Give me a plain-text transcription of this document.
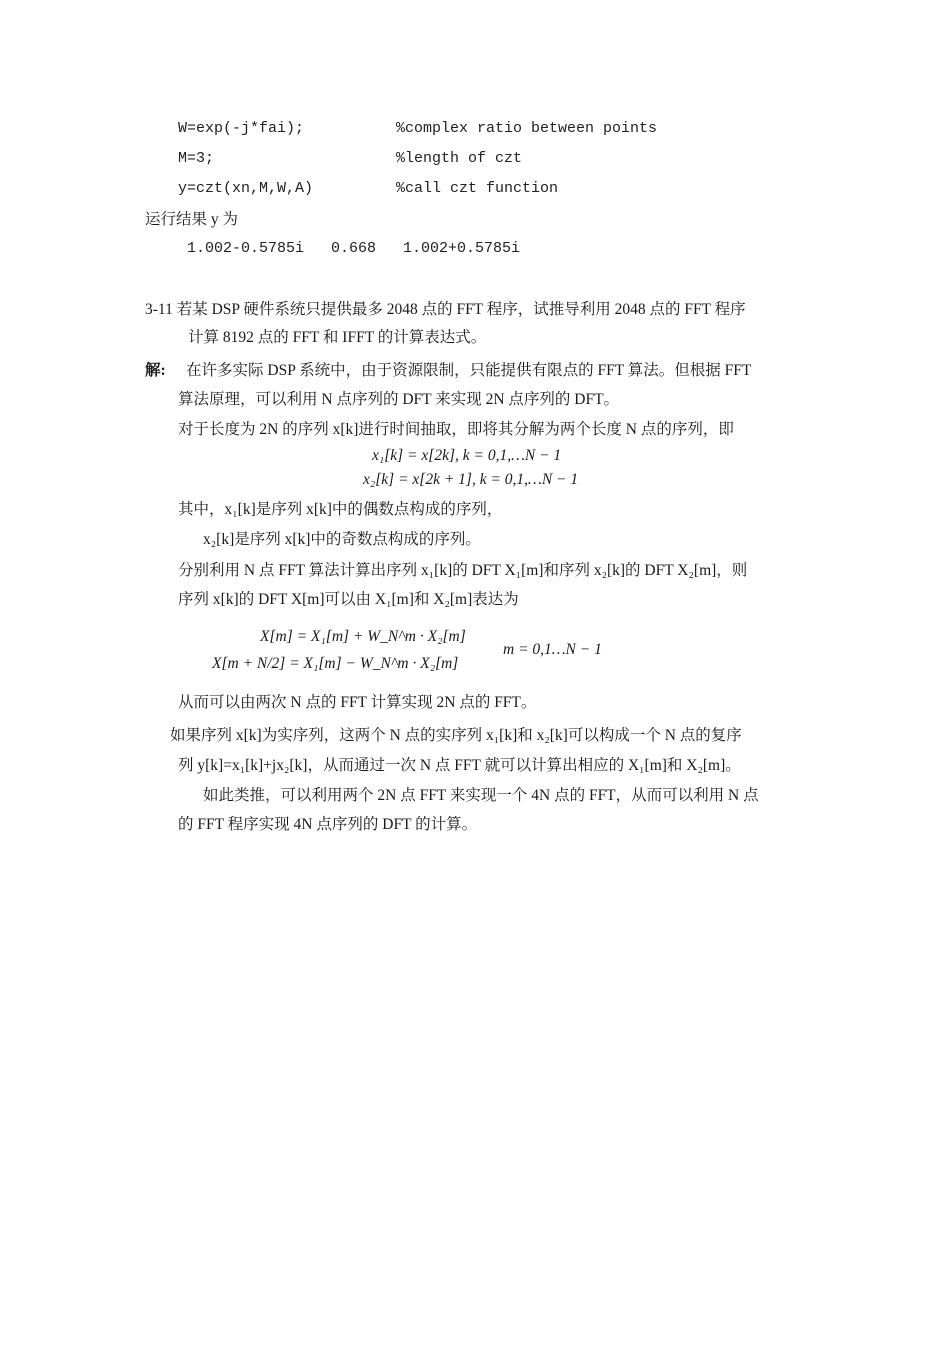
W=exp(-j*fai);	%complex ratio between points
M=3;	%length of czt
y=czt(xn,M,W,A)	%call czt function
运行结果 y 为
1.002-0.5785i   0.668   1.002+0.5785i
3-11 若某 DSP 硬件系统只提供最多 2048 点的 FFT 程序，试推导利用 2048 点的 FFT 程序
计算 8192 点的 FFT 和 IFFT 的计算表达式。
解: 在许多实际 DSP 系统中，由于资源限制，只能提供有限点的 FFT 算法。但根据 FFT
算法原理，可以利用 N 点序列的 DFT 来实现 2N 点序列的 DFT。
对于长度为 2N 的序列 x[k]进行时间抽取，即将其分解为两个长度 N 点的序列，即
x₁[k] = x[2k], k = 0,1,…N − 1
x₂[k] = x[2k + 1], k = 0,1,…N − 1
其中，x₁[k]是序列 x[k]中的偶数点构成的序列，
x₂[k]是序列 x[k]中的奇数点构成的序列。
分别利用 N 点 FFT 算法计算出序列 x₁[k]的 DFT X₁[m]和序列 x₂[k]的 DFT X₂[m]，则
序列 x[k]的 DFT X[m]可以由 X₁[m]和 X₂[m]表达为
X[m] = X₁[m] + W_N^m · X₂[m]
X[m + N/2] = X₁[m] − W_N^m · X₂[m]
m = 0,1…N − 1
从而可以由两次 N 点的 FFT 计算实现 2N 点的 FFT。
如果序列 x[k]为实序列，这两个 N 点的实序列 x₁[k]和 x₂[k]可以构成一个 N 点的复序
列 y[k]=x₁[k]+jx₂[k]，从而通过一次 N 点 FFT 就可以计算出相应的 X₁[m]和 X₂[m]。
如此类推，可以利用两个 2N 点 FFT 来实现一个 4N 点的 FFT，从而可以利用 N 点
的 FFT 程序实现 4N 点序列的 DFT 的计算。
